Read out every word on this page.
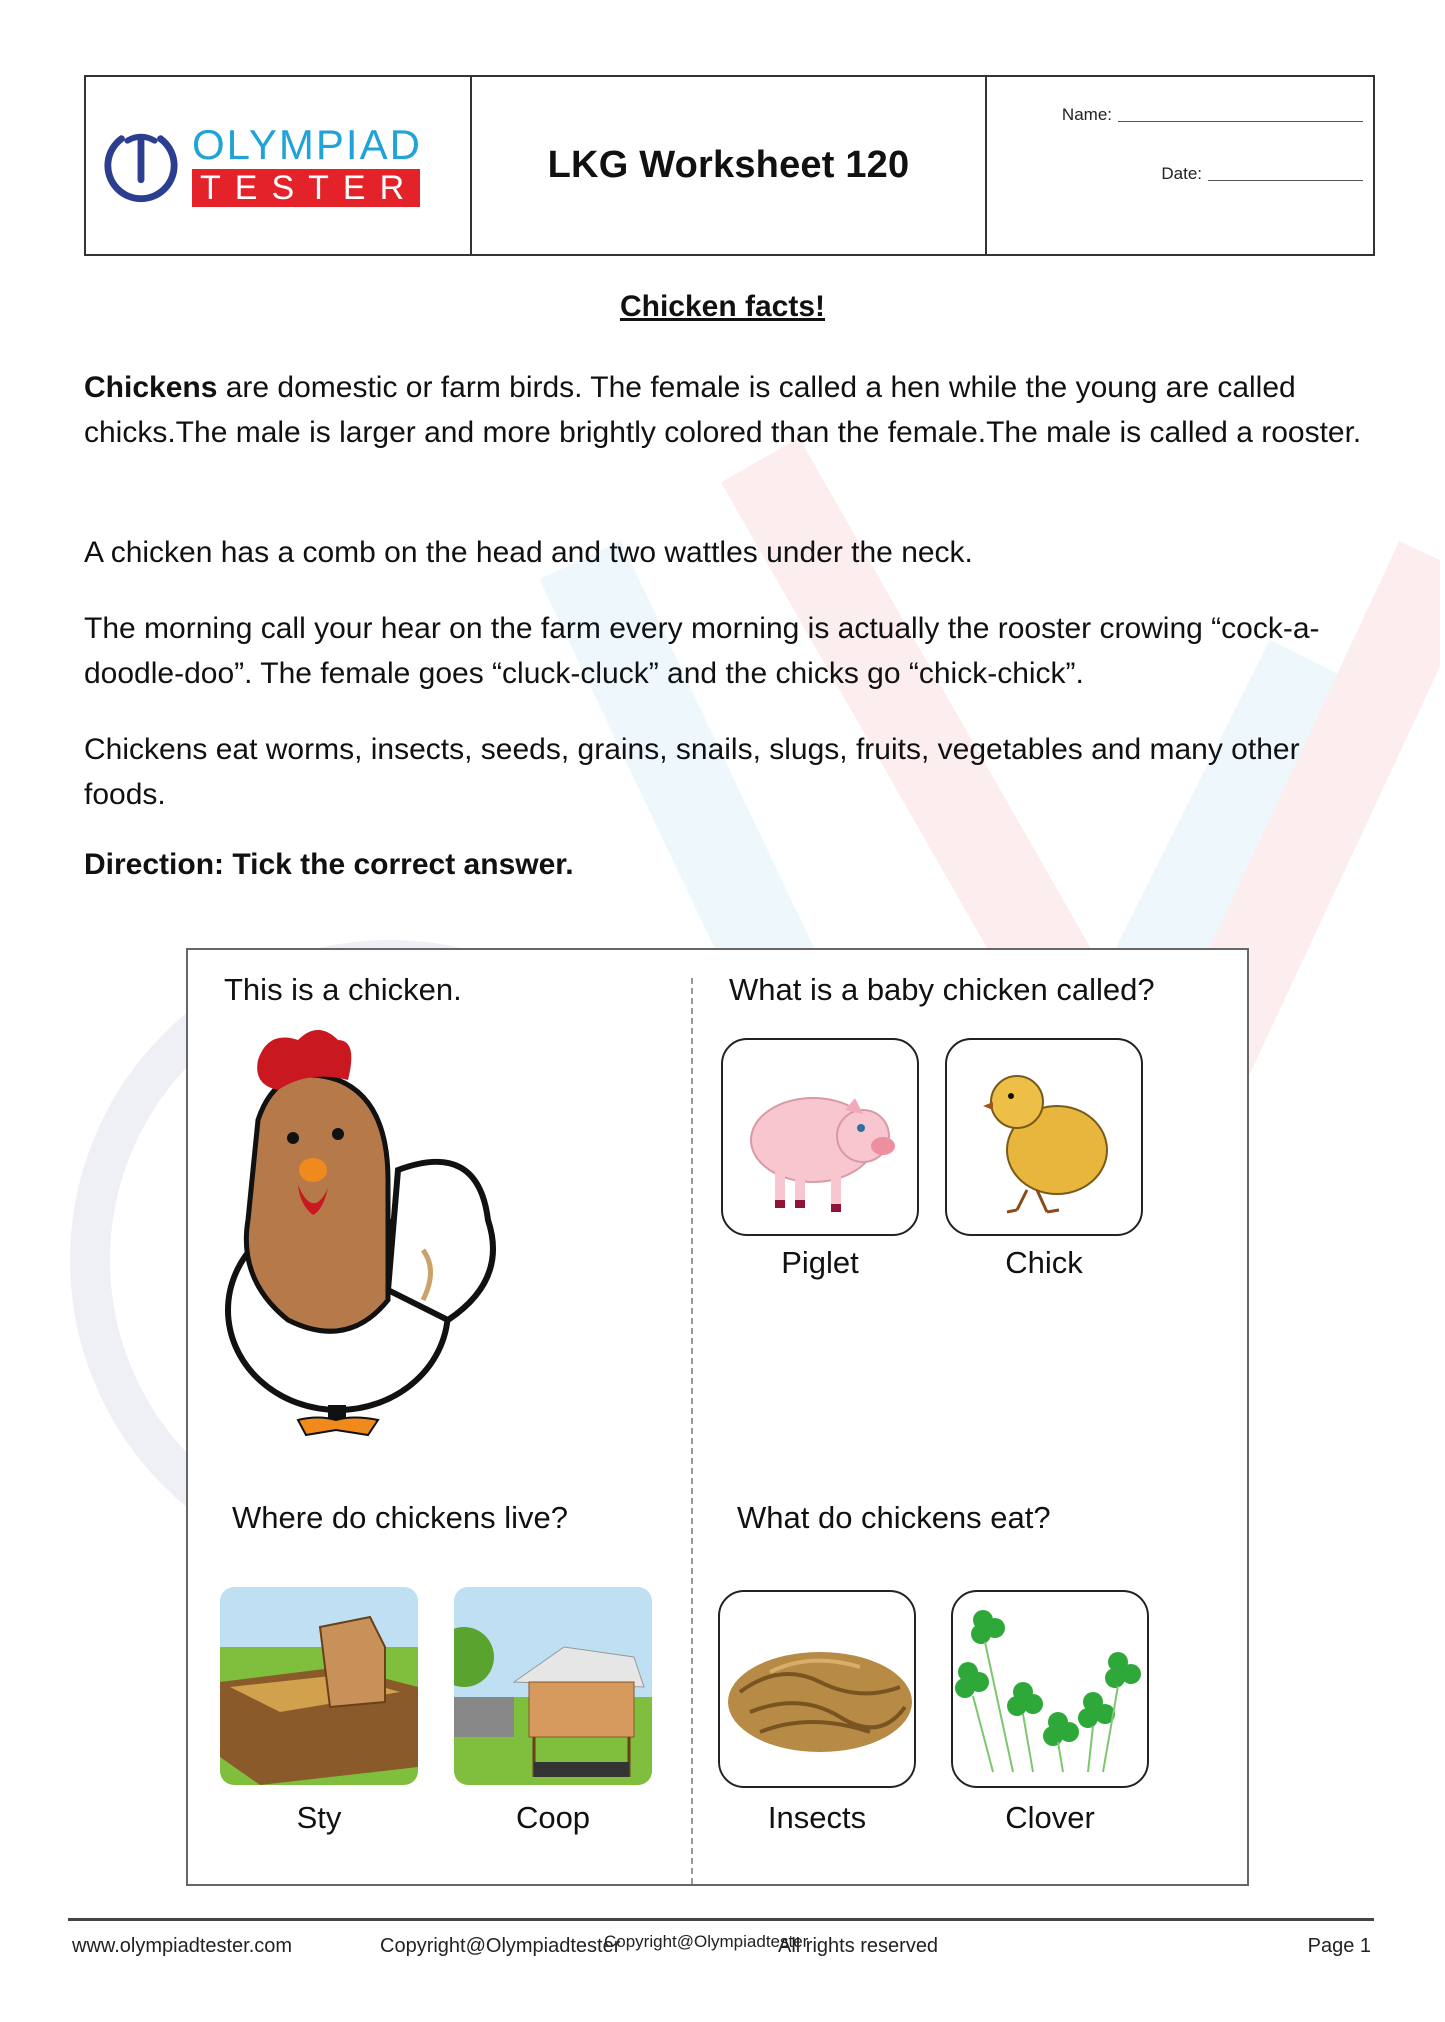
OLYMPIAD
TESTER
LKG Worksheet 120
Name:
Date:
Chicken facts!

Chickens are domestic or farm birds. The female is called a hen while the young are called chicks.The male is larger and more brightly colored than the female.The male is called a rooster.

A chicken has a comb on the head and two wattles under the neck.

The morning call your hear on the farm every morning is actually the rooster crowing “cock-a-doodle-doo”. The female goes “cluck-cluck” and the chicks go “chick-chick”.

Chickens eat worms, insects, seeds, grains, snails, slugs, fruits, vegetables and many other foods.

Direction: Tick the correct answer.
This is a chicken.	What is a baby chicken called?
Piglet	Chick
Where do chickens live?
Sty	Coop
What do chickens eat?
Insects	Clover
www.olympiadtester.com	Copyright@Olympiadtester
Copyright@Olympiadtester
All rights reserved	Page 1
